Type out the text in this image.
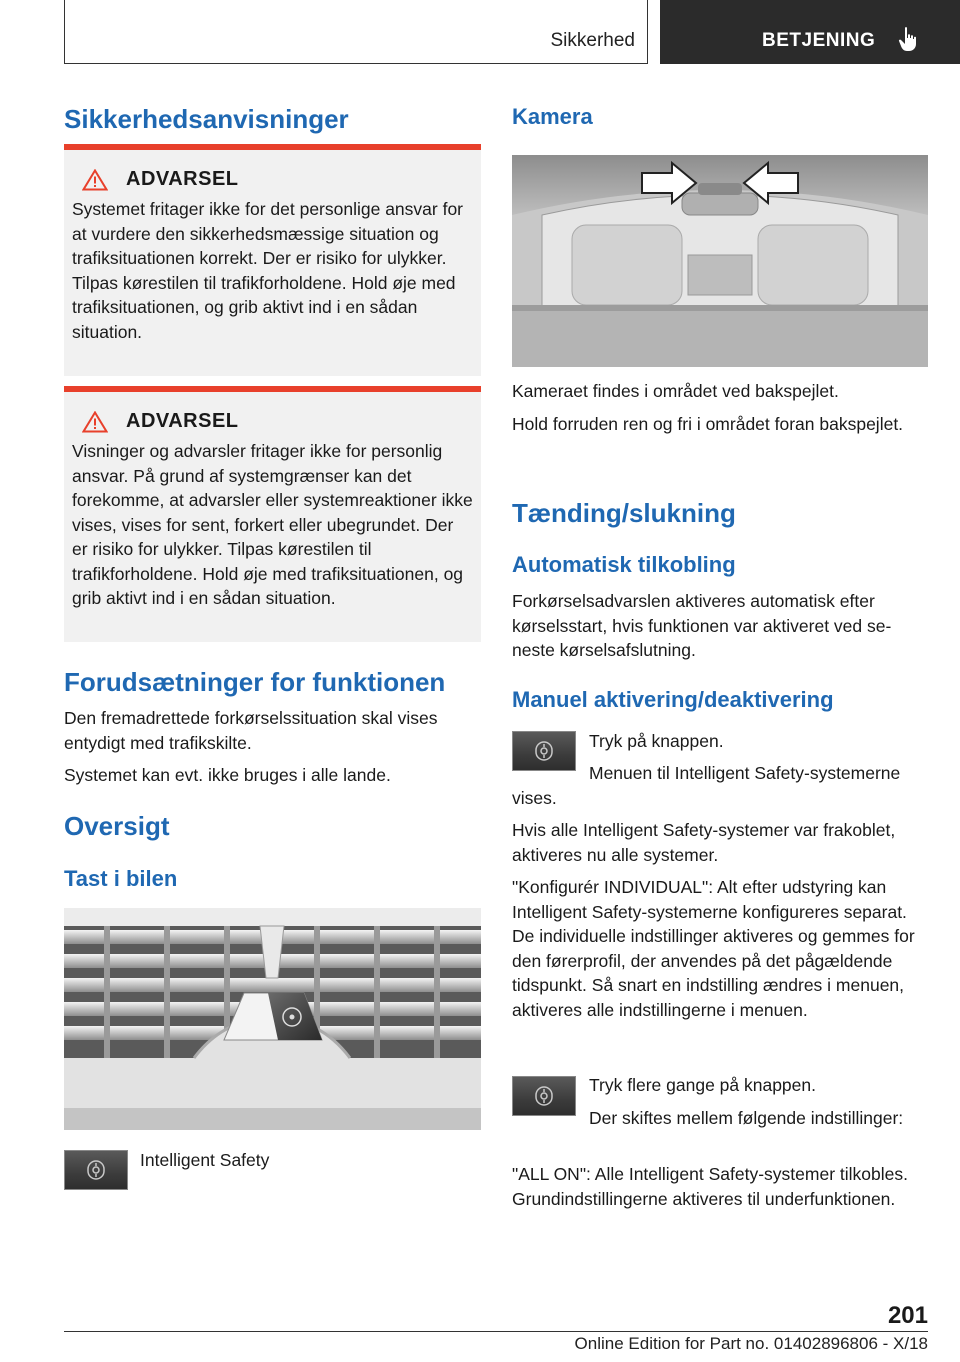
Sikkerhed	BETJENING
Sikkerhedsanvisninger
ADVARSEL

Systemet fritager ikke for det personlige ansvar for at vurdere den sikkerhedsmæssige situation og trafiksituationen korrekt. Der er risiko for ulykker. Tilpas kørestilen til trafikforholdene. Hold øje med trafiksituationen, og grib aktivt ind i en sådan situation.

ADVARSEL

Visninger og advarsler fritager ikke for personlig ansvar. På grund af systemgrænser kan det forekomme, at advarsler eller systemreaktioner ikke vises, vises for sent, forkert eller ubegrundet. Der er risiko for ulykker. Tilpas kørestilen til trafikforholdene. Hold øje med trafiksituationen, og grib aktivt ind i en sådan situation.

Forudsætninger for funktionen

Den fremadrettede forkørselssituation skal vises entydigt med trafikskilte.

Systemet kan evt. ikke bruges i alle lande.

Oversigt
Tast i bilen

Intelligent Safety

Kamera

Kameraet findes i området ved bakspejlet.

Hold forruden ren og fri i området foran bakspejlet.

Tænding/slukning
Automatisk tilkobling

Forkørselsadvarslen aktiveres automatisk efter kørselsstart, hvis funktionen var aktiveret ved seneste kørselsafslutning.

Manuel aktivering/deaktivering

Tryk på knappen.

Menuen til Intelligent Safety-systemerne vises.

Hvis alle Intelligent Safety-systemer var frakoblet, aktiveres nu alle systemer.

"Konfigurér INDIVIDUAL": Alt efter udstyring kan Intelligent Safety-systemerne konfigureres separat. De individuelle indstillinger aktiveres og gemmes for den førerprofil, der anvendes på det pågældende tidspunkt. Så snart en indstilling ændres i menuen, aktiveres alle indstillingerne i menuen.

Tryk flere gange på knappen.

Der skiftes mellem følgende indstillinger:

"ALL ON": Alle Intelligent Safety-systemer tilkobles. Grundindstillingerne aktiveres til underfunktionen.

201
Online Edition for Part no. 01402896806 - X/18
